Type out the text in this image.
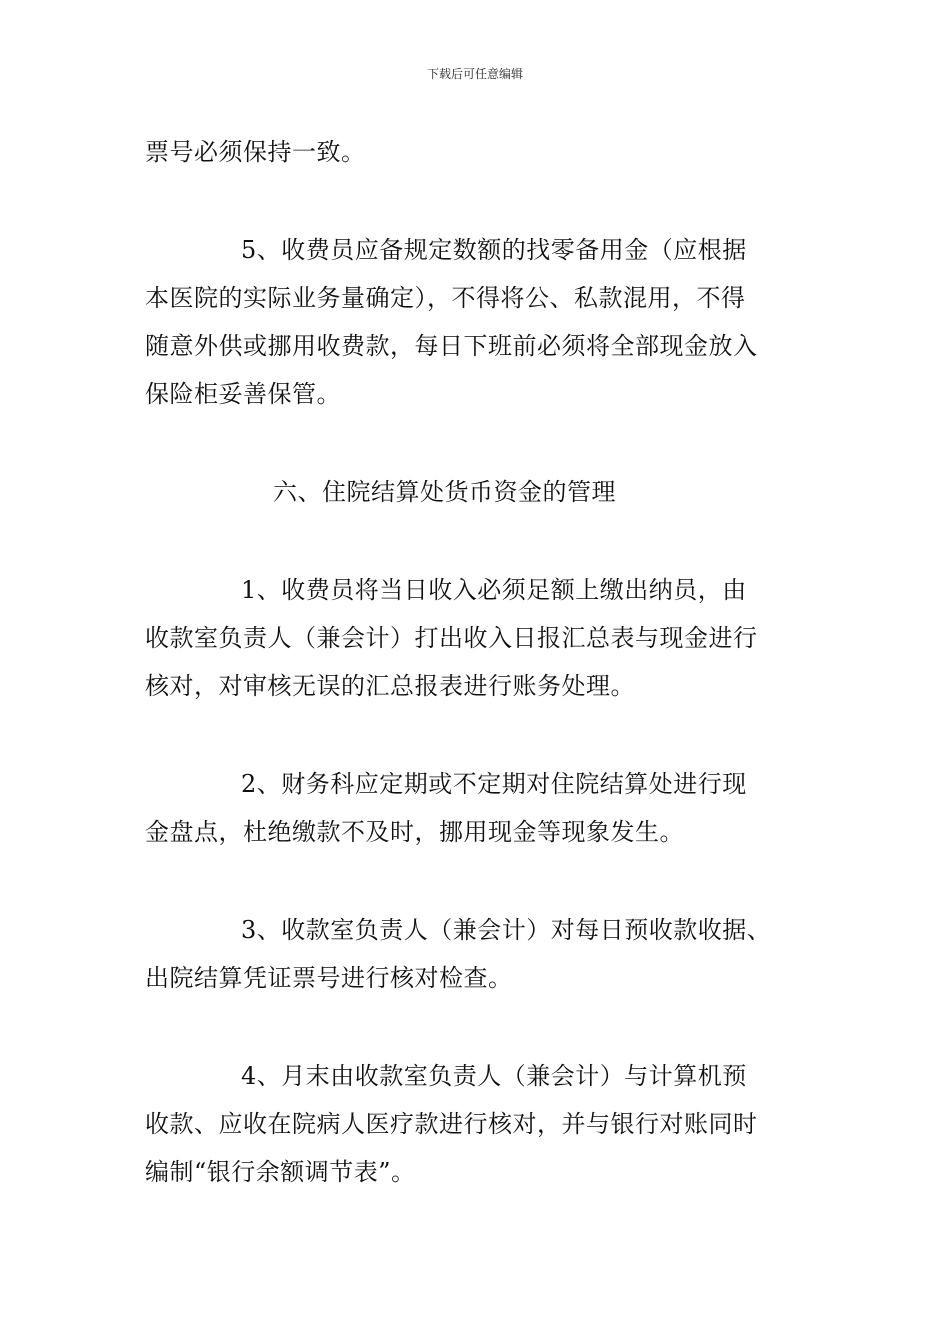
下载后可任意编辑
票号必须保持一致。
5、收费员应备规定数额的找零备用金（应根据
本医院的实际业务量确定），不得将公、私款混用，不得
随意外供或挪用收费款，每日下班前必须将全部现金放入
保险柜妥善保管。
六、住院结算处货币资金的管理
1、收费员将当日收入必须足额上缴出纳员，由
收款室负责人（兼会计）打出收入日报汇总表与现金进行
核对，对审核无误的汇总报表进行账务处理。
2、财务科应定期或不定期对住院结算处进行现
金盘点，杜绝缴款不及时，挪用现金等现象发生。
3、收款室负责人（兼会计）对每日预收款收据、
出院结算凭证票号进行核对检查。
4、月末由收款室负责人（兼会计）与计算机预
收款、应收在院病人医疗款进行核对，并与银行对账同时
编制“银行余额调节表”。
